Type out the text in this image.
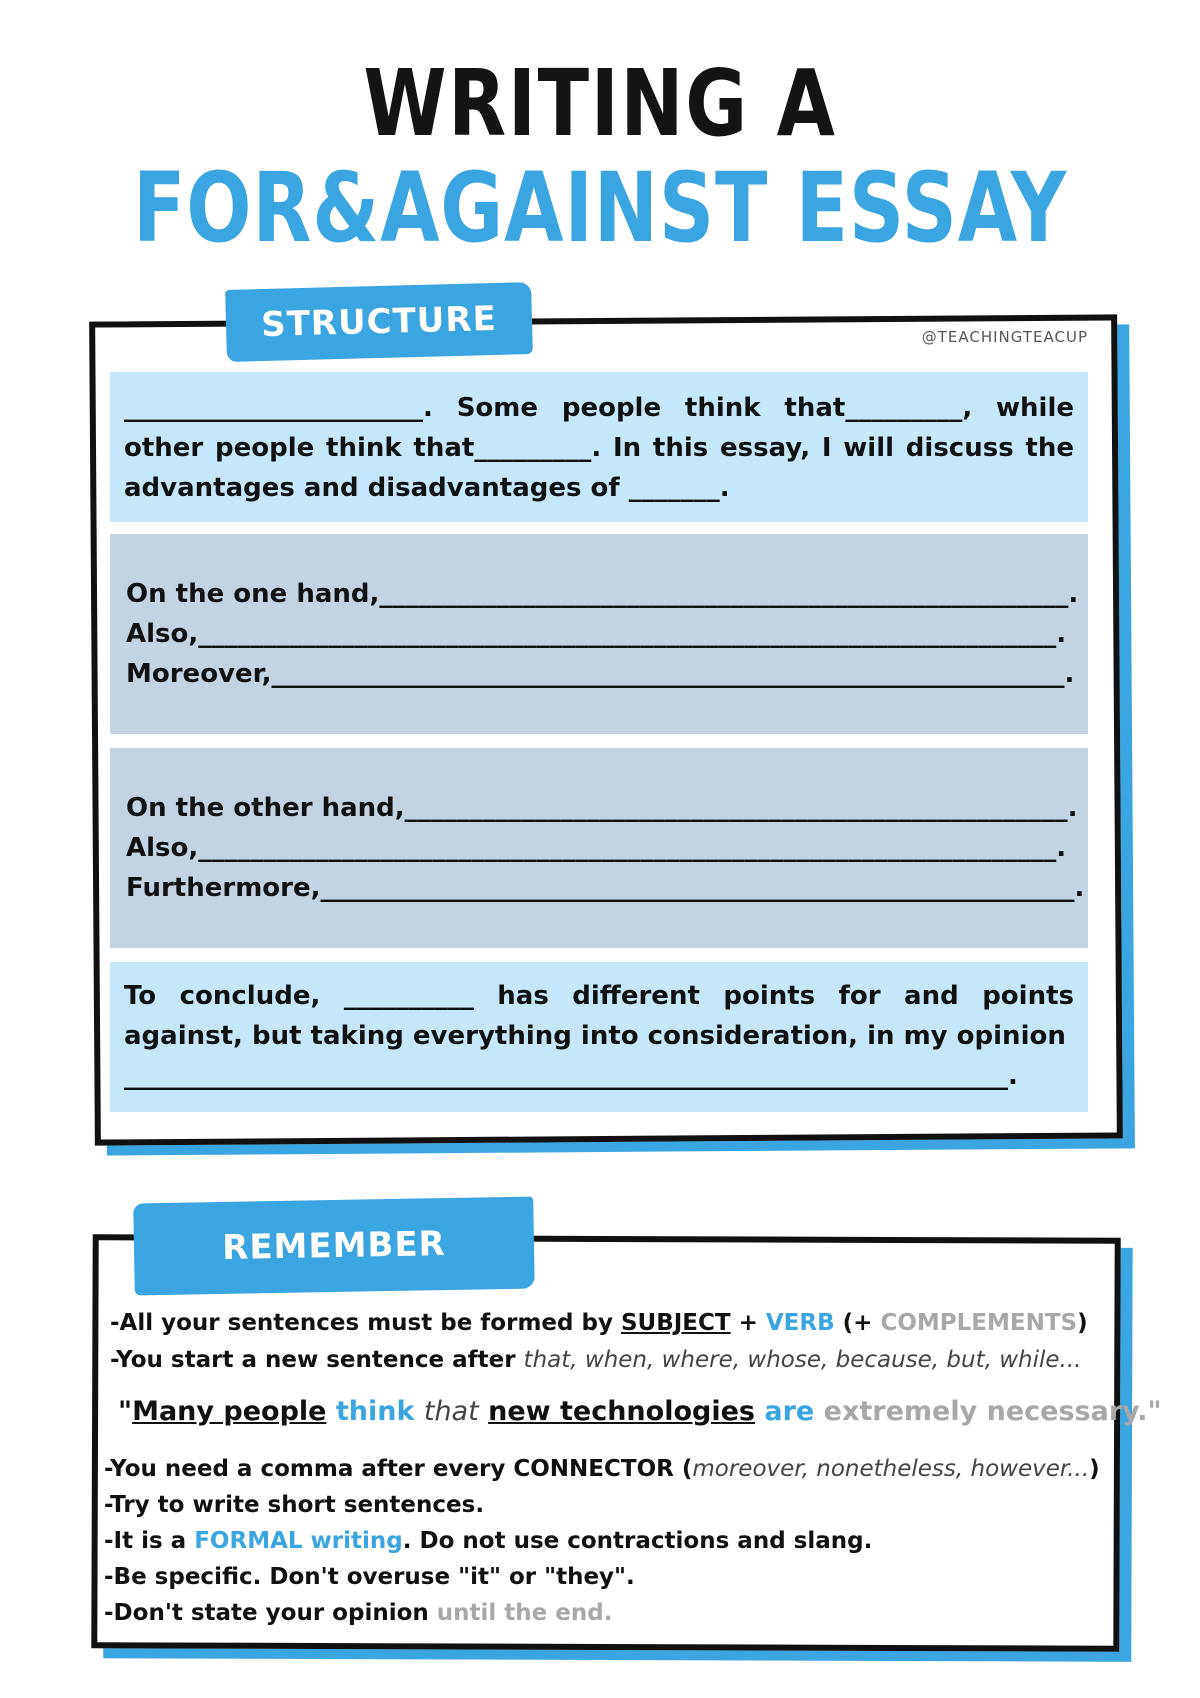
WRITING A
FOR&AGAINST ESSAY
STRUCTURE	@TEACHINGTEACUP
_______________________. Some people think that_________, while other people think that_________. In this essay, I will discuss the advantages and disadvantages of _______.
On the one hand,_____________________________________________________.
Also,__________________________________________________________________.
Moreover,_____________________________________________________________.
On the other hand,___________________________________________________.
Also,__________________________________________________________________.
Furthermore,__________________________________________________________.
To conclude, __________ has different points for and points against, but taking everything into consideration, in my opinion
____________________________________________________________________.
REMEMBER
-All your sentences must be formed by SUBJECT + VERB (+ COMPLEMENTS)
-You start a new sentence after that, when, where, whose, because, but, while...
"Many people think that new technologies are extremely necessary."
-You need a comma after every CONNECTOR (moreover, nonetheless, however...)
-Try to write short sentences.
-It is a FORMAL writing. Do not use contractions and slang.
-Be specific. Don't overuse "it" or "they".
-Don't state your opinion until the end.
